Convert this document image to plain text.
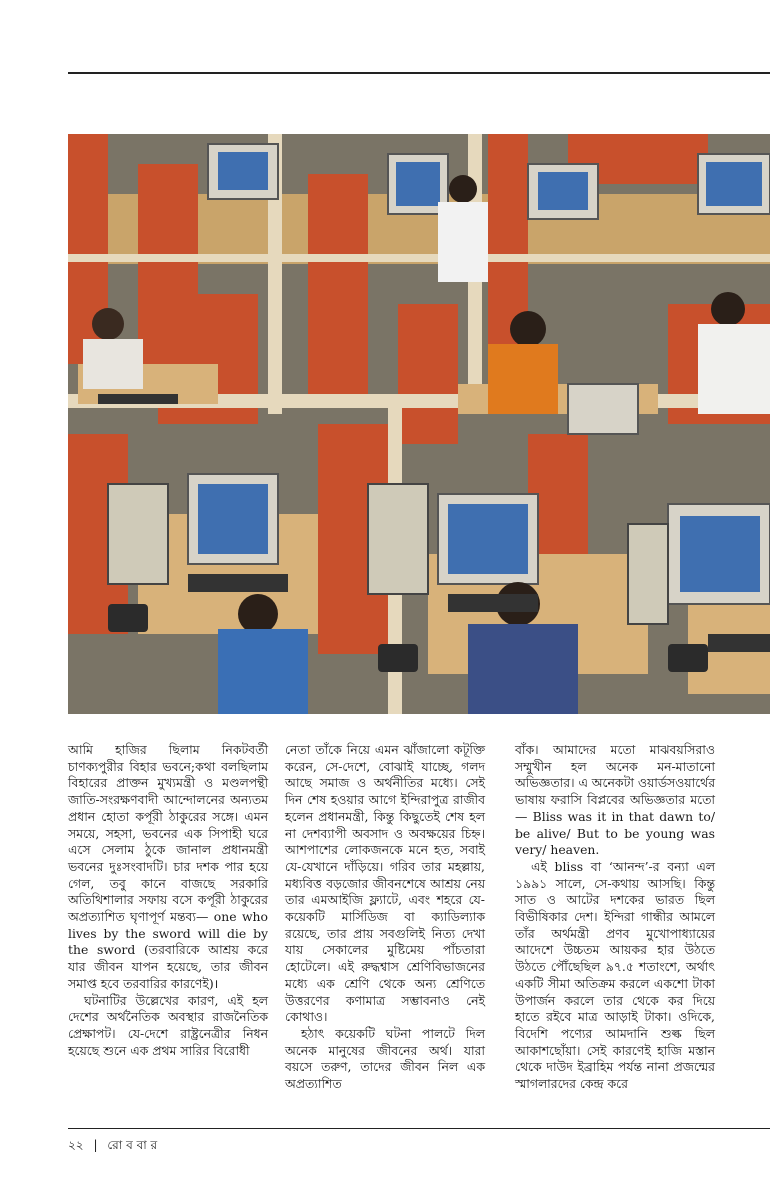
আমি হাজির ছিলাম নিকটবর্তী চাণক্যপুরীর বিহার ভবনে;কথা বলছিলাম বিহারের প্রাক্তন মুখ্যমন্ত্রী ও মণ্ডলপন্থী জাতি-সংরক্ষণবাদী আন্দোলনের অন্যতম প্রধান হোতা কর্পূরী ঠাকুরের সঙ্গে। এমন সময়ে, সহসা, ভবনের এক সিপাহী ঘরে এসে সেলাম ঠুকে জানাল প্রধানমন্ত্রী ভবনের দুঃসংবাদটি। চার দশক পার হয়ে গেল, তবু কানে বাজছে সরকারি অতিথিশালার সফায় বসে কর্পূরী ঠাকুরের অপ্রত্যাশিত ঘৃণাপূর্ণ মন্তব্য— one who lives by the sword will die by the sword (তরবারিকে আশ্রয় করে যার জীবন যাপন হয়েছে, তার জীবন সমাপ্ত হবে তরবারির কারণেই)।

ঘটনাটির উল্লেখের কারণ, এই হল দেশের অর্থনৈতিক অবস্থার রাজনৈতিক প্রেক্ষাপট। যে-দেশে রাষ্ট্রনেত্রীর নিধন হয়েছে শুনে এক প্রথম সারির বিরোধী

নেতা তাঁকে নিয়ে এমন ঝাঁজালো কটূক্তি করেন, সে-দেশে, বোঝাই যাচ্ছে, গলদ আছে সমাজ ও অর্থনীতির মধ্যে। সেই দিন শেষ হওয়ার আগে ইন্দিরাপুত্র রাজীব হলেন প্রধানমন্ত্রী, কিন্তু কিছুতেই শেষ হল না দেশব্যাপী অবসাদ ও অবক্ষয়ের চিহ্ন। আশপাশের লোকজনকে মনে হত, সবাই যে-যেখানে দাঁড়িয়ে। গরিব তার মহল্লায়, মধ্যবিত্ত বড়জোর জীবনশেষে আশ্রয় নেয় তার এমআইজি ফ্ল্যাটে, এবং শহরে যে-কয়েকটি মার্সিডিজ বা ক্যাডিল্যাক রয়েছে, তার প্রায় সবগুলিই নিত্য দেখা যায় সেকালের মুষ্টিমেয় পাঁচতারা হোটেলে। এই রুদ্ধশ্বাস শ্রেণিবিভাজনের মধ্যে এক শ্রেণি থেকে অন্য শ্রেণিতে উত্তরণের কণামাত্র সম্ভাবনাও নেই কোথাও।

হঠাৎ কয়েকটি ঘটনা পালটে দিল অনেক মানুষের জীবনের অর্থ। যারা বয়সে তরুণ, তাদের জীবন নিল এক অপ্রত্যাশিত

বাঁক। আমাদের মতো মাঝবয়সিরাও সম্মুখীন হল অনেক মন-মাতানো অভিজ্ঞতার। এ অনেকটা ওয়ার্ডসওয়ার্থের ভাষায় ফরাসি বিপ্লবের অভিজ্ঞতার মতো— Bliss was it in that dawn to/ be alive/ But to be young was very/ heaven.

এই bliss বা ‘আনন্দ’-র বন্যা এল ১৯৯১ সালে, সে-কথায় আসছি। কিন্তু সাত ও আটের দশকের ভারত ছিল বিভীষিকার দেশ। ইন্দিরা গান্ধীর আমলে তাঁর অর্থমন্ত্রী প্রণব মুখোপাধ্যায়ের আদেশে উচ্চতম আয়কর হার উঠতে উঠতে পৌঁছেছিল ৯৭.৫ শতাংশে, অর্থাৎ একটি সীমা অতিক্রম করলে একশো টাকা উপার্জন করলে তার থেকে কর দিয়ে হাতে রইবে মাত্র আড়াই টাকা। ওদিকে, বিদেশি পণ্যের আমদানি শুল্ক ছিল আকাশছোঁয়া। সেই কারণেই হাজি মস্তান থেকে দাউদ ইব্রাহিম পর্যন্ত নানা প্রজন্মের স্মাগলারদের কেন্দ্র করে

২২ | রো ব বা র
